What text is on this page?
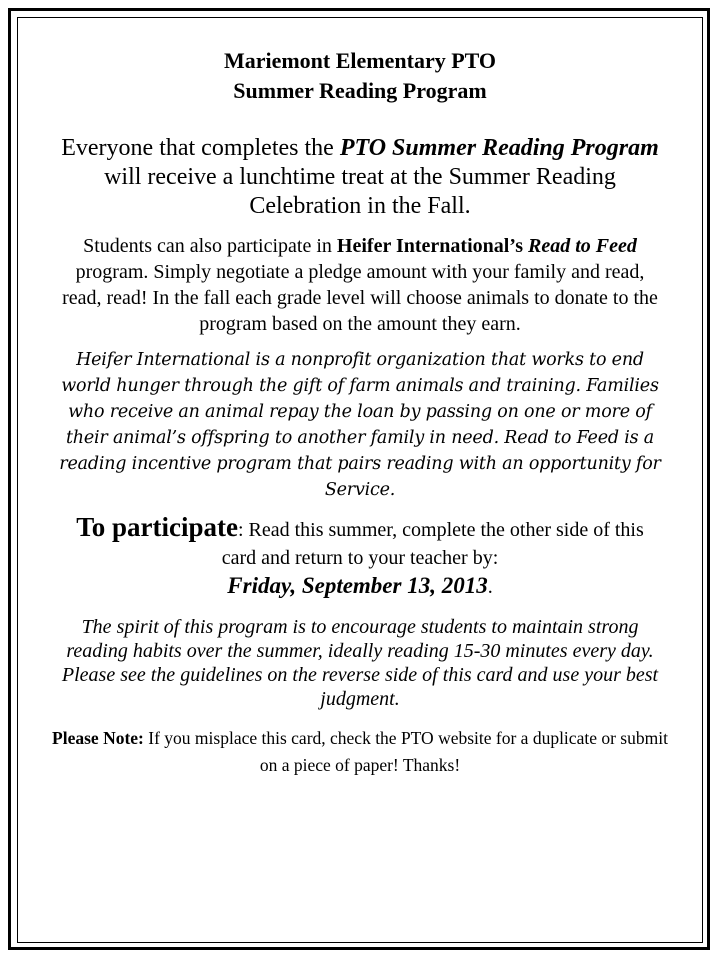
Mariemont Elementary PTO
Summer Reading Program

Everyone that completes the PTO Summer Reading Program will receive a lunchtime treat at the Summer Reading Celebration in the Fall.

Students can also participate in Heifer International’s Read to Feed program. Simply negotiate a pledge amount with your family and read, read, read! In the fall each grade level will choose animals to donate to the program based on the amount they earn.

Heifer International is a nonprofit organization that works to end world hunger through the gift of farm animals and training. Families who receive an animal repay the loan by passing on one or more of their animal’s offspring to another family in need. Read to Feed is a reading incentive program that pairs reading with an opportunity for Service.

To participate: Read this summer, complete the other side of this card and return to your teacher by:
Friday, September 13, 2013.

The spirit of this program is to encourage students to maintain strong reading habits over the summer, ideally reading 15-30 minutes every day. Please see the guidelines on the reverse side of this card and use your best judgment.

Please Note: If you misplace this card, check the PTO website for a duplicate or submit on a piece of paper! Thanks!
